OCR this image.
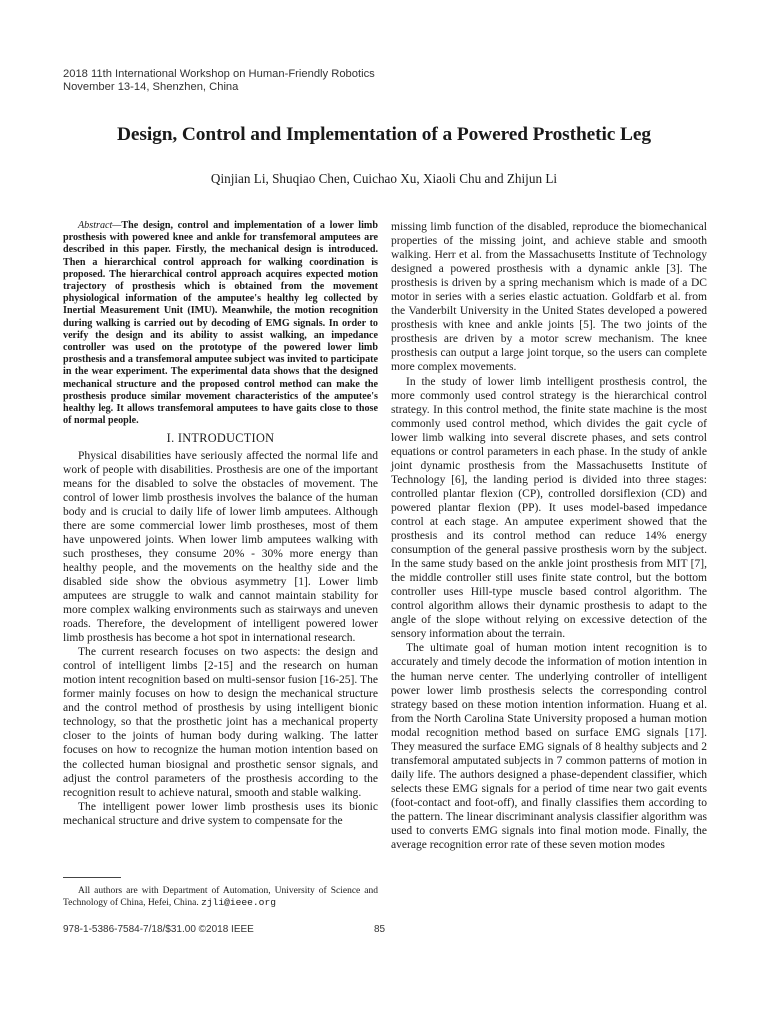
2018 11th International Workshop on Human-Friendly Robotics
November 13-14, Shenzhen, China
Design, Control and Implementation of a Powered Prosthetic Leg
Qinjian Li, Shuqiao Chen, Cuichao Xu, Xiaoli Chu and Zhijun Li

Abstract—The design, control and implementation of a lower limb prosthesis with powered knee and ankle for transfemoral amputees are described in this paper. Firstly, the mechanical design is introduced. Then a hierarchical control approach for walking coordination is proposed. The hierarchical control approach acquires expected motion trajectory of prosthesis which is obtained from the movement physiological information of the amputee's healthy leg collected by Inertial Measurement Unit (IMU). Meanwhile, the motion recognition during walking is carried out by decoding of EMG signals. In order to verify the design and its ability to assist walking, an impedance controller was used on the prototype of the powered lower limb prosthesis and a transfemoral amputee subject was invited to participate in the wear experiment. The experimental data shows that the designed mechanical structure and the proposed control method can make the prosthesis produce similar movement characteristics of the amputee's healthy leg. It allows transfemoral amputees to have gaits close to those of normal people.

I. INTRODUCTION

Physical disabilities have seriously affected the normal life and work of people with disabilities. Prosthesis are one of the important means for the disabled to solve the obstacles of movement. The control of lower limb prosthesis involves the balance of the human body and is crucial to daily life of lower limb amputees. Although there are some commercial lower limb prostheses, most of them have unpowered joints. When lower limb amputees walking with such prostheses, they consume 20% - 30% more energy than healthy people, and the movements on the healthy side and the disabled side show the obvious asymmetry [1]. Lower limb amputees are struggle to walk and cannot maintain stability for more complex walking environments such as stairways and uneven roads. Therefore, the development of intelligent powered lower limb prosthesis has become a hot spot in international research.

The current research focuses on two aspects: the design and control of intelligent limbs [2-15] and the research on human motion intent recognition based on multi-sensor fusion [16-25]. The former mainly focuses on how to design the mechanical structure and the control method of prosthesis by using intelligent bionic technology, so that the prosthetic joint has a mechanical property closer to the joints of human body during walking. The latter focuses on how to recognize the human motion intention based on the collected human biosignal and prosthetic sensor signals, and adjust the control parameters of the prosthesis according to the recognition result to achieve natural, smooth and stable walking.

The intelligent power lower limb prosthesis uses its bionic mechanical structure and drive system to compensate for the

missing limb function of the disabled, reproduce the biomechanical properties of the missing joint, and achieve stable and smooth walking. Herr et al. from the Massachusetts Institute of Technology designed a powered prosthesis with a dynamic ankle [3]. The prosthesis is driven by a spring mechanism which is made of a DC motor in series with a series elastic actuation. Goldfarb et al. from the Vanderbilt University in the United States developed a powered prosthesis with knee and ankle joints [5]. The two joints of the prosthesis are driven by a motor screw mechanism. The knee prosthesis can output a large joint torque, so the users can complete more complex movements.

In the study of lower limb intelligent prosthesis control, the more commonly used control strategy is the hierarchical control strategy. In this control method, the finite state machine is the most commonly used control method, which divides the gait cycle of lower limb walking into several discrete phases, and sets control equations or control parameters in each phase. In the study of ankle joint dynamic prosthesis from the Massachusetts Institute of Technology [6], the landing period is divided into three stages: controlled plantar flexion (CP), controlled dorsiflexion (CD) and powered plantar flexion (PP). It uses model-based impedance control at each stage. An amputee experiment showed that the prosthesis and its control method can reduce 14% energy consumption of the general passive prosthesis worn by the subject. In the same study based on the ankle joint prosthesis from MIT [7], the middle controller still uses finite state control, but the bottom controller uses Hill-type muscle based control algorithm. The control algorithm allows their dynamic prosthesis to adapt to the angle of the slope without relying on excessive detection of the sensory information about the terrain.

The ultimate goal of human motion intent recognition is to accurately and timely decode the information of motion intention in the human nerve center. The underlying controller of intelligent power lower limb prosthesis selects the corresponding control strategy based on these motion intention information. Huang et al. from the North Carolina State University proposed a human motion modal recognition method based on surface EMG signals [17]. They measured the surface EMG signals of 8 healthy subjects and 2 transfemoral amputated subjects in 7 common patterns of motion in daily life. The authors designed a phase-dependent classifier, which selects these EMG signals for a period of time near two gait events (foot-contact and foot-off), and finally classifies them according to the pattern. The linear discriminant analysis classifier algorithm was used to converts EMG signals into final motion mode. Finally, the average recognition error rate of these seven motion modes

All authors are with Department of Automation, University of Science and Technology of China, Hefei, China. zjli@ieee.org
978-1-5386-7584-7/18/$31.00 ©2018 IEEE	85
